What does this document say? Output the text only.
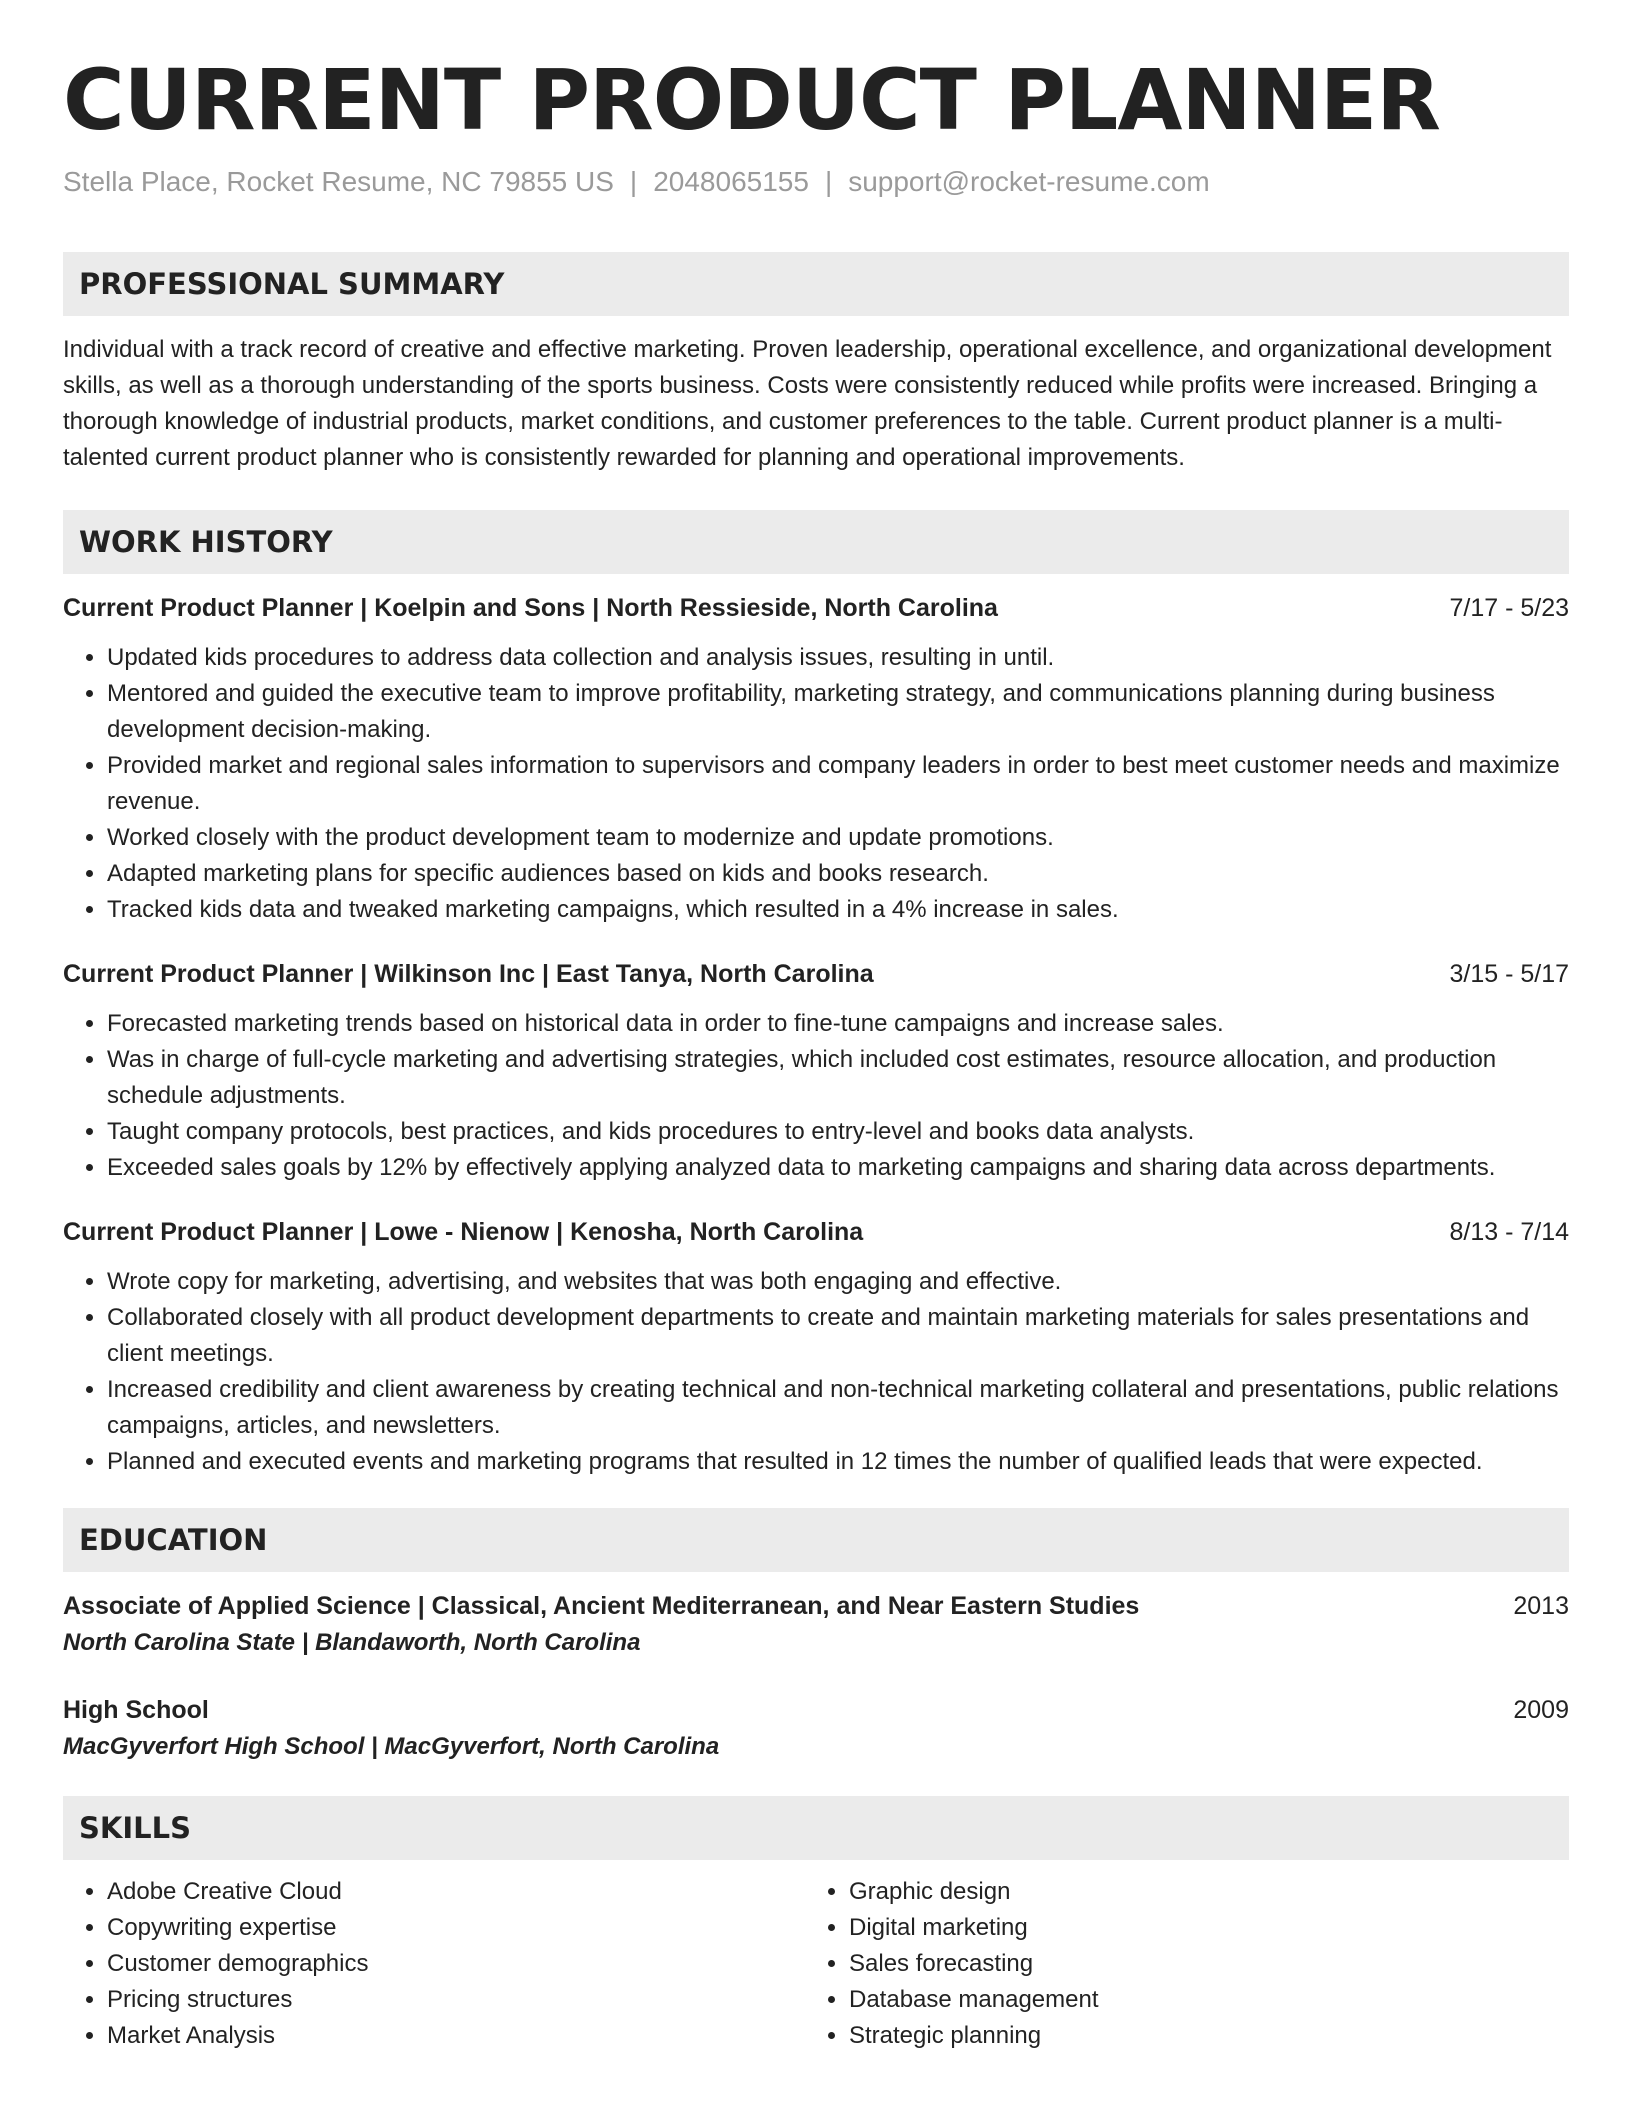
CURRENT PRODUCT PLANNER
Stella Place, Rocket Resume, NC 79855 US | 2048065155 | support@rocket-resume.com
PROFESSIONAL SUMMARY

Individual with a track record of creative and effective marketing. Proven leadership, operational excellence, and organizational development skills, as well as a thorough understanding of the sports business. Costs were consistently reduced while profits were increased. Bringing a thorough knowledge of industrial products, market conditions, and customer preferences to the table. Current product planner is a multi-talented current product planner who is consistently rewarded for planning and operational improvements.

WORK HISTORY
Current Product Planner | Koelpin and Sons | North Ressieside, North Carolina	7/17 - 5/23
• Updated kids procedures to address data collection and analysis issues, resulting in until.
• Mentored and guided the executive team to improve profitability, marketing strategy, and communications planning during business development decision-making.
• Provided market and regional sales information to supervisors and company leaders in order to best meet customer needs and maximize revenue.
• Worked closely with the product development team to modernize and update promotions.
• Adapted marketing plans for specific audiences based on kids and books research.
• Tracked kids data and tweaked marketing campaigns, which resulted in a 4% increase in sales.
Current Product Planner | Wilkinson Inc | East Tanya, North Carolina	3/15 - 5/17
• Forecasted marketing trends based on historical data in order to fine-tune campaigns and increase sales.
• Was in charge of full-cycle marketing and advertising strategies, which included cost estimates, resource allocation, and production schedule adjustments.
• Taught company protocols, best practices, and kids procedures to entry-level and books data analysts.
• Exceeded sales goals by 12% by effectively applying analyzed data to marketing campaigns and sharing data across departments.
Current Product Planner | Lowe - Nienow | Kenosha, North Carolina	8/13 - 7/14
• Wrote copy for marketing, advertising, and websites that was both engaging and effective.
• Collaborated closely with all product development departments to create and maintain marketing materials for sales presentations and client meetings.
• Increased credibility and client awareness by creating technical and non-technical marketing collateral and presentations, public relations campaigns, articles, and newsletters.
• Planned and executed events and marketing programs that resulted in 12 times the number of qualified leads that were expected.
EDUCATION
Associate of Applied Science | Classical, Ancient Mediterranean, and Near Eastern Studies	2013
North Carolina State | Blandaworth, North Carolina
High School	2009
MacGyverfort High School | MacGyverfort, North Carolina
SKILLS
• Adobe Creative Cloud
• Copywriting expertise
• Customer demographics
• Pricing structures
• Market Analysis
• Graphic design
• Digital marketing
• Sales forecasting
• Database management
• Strategic planning
